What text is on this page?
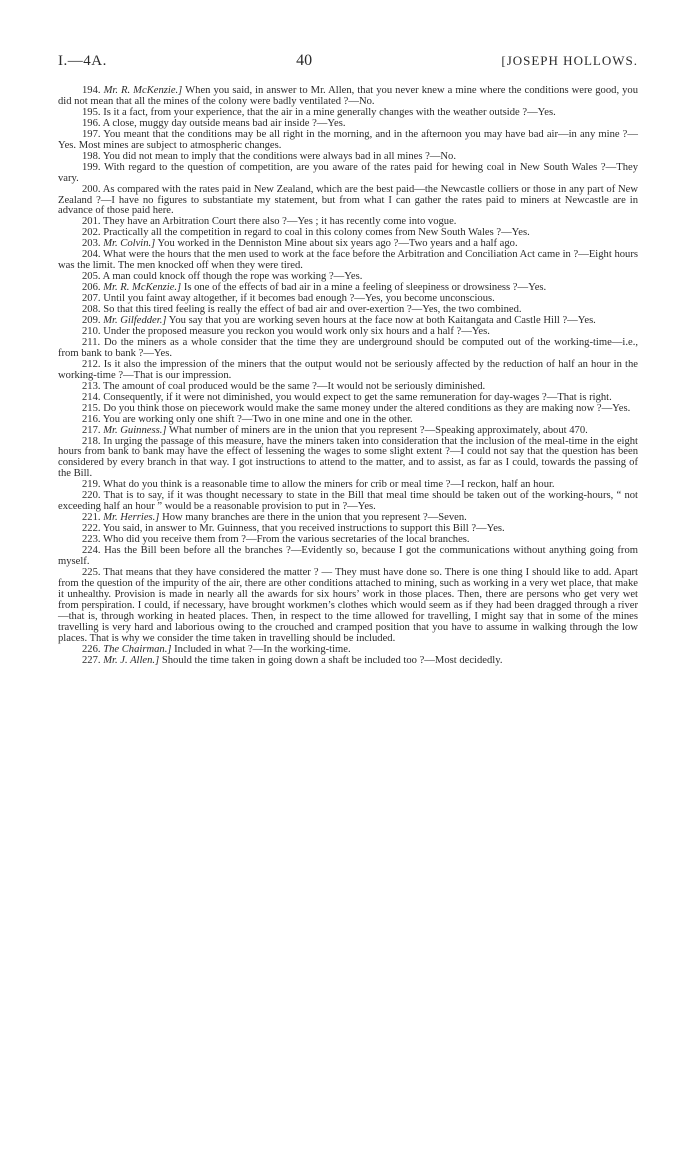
I.—4A.	40	[JOSEPH HOLLOWS.

194. Mr. R. McKenzie.] When you said, in answer to Mr. Allen, that you never knew a mine where the conditions were good, you did not mean that all the mines of the colony were badly ventilated ?—No.

195. Is it a fact, from your experience, that the air in a mine generally changes with the weather outside ?—Yes.

196. A close, muggy day outside means bad air inside ?—Yes.

197. You meant that the conditions may be all right in the morning, and in the afternoon you may have bad air—in any mine ?—Yes. Most mines are subject to atmospheric changes.

198. You did not mean to imply that the conditions were always bad in all mines ?—No.

199. With regard to the question of competition, are you aware of the rates paid for hewing coal in New South Wales ?—They vary.

200. As compared with the rates paid in New Zealand, which are the best paid—the Newcastle colliers or those in any part of New Zealand ?—I have no figures to substantiate my statement, but from what I can gather the rates paid to miners at Newcastle are in advance of those paid here.

201. They have an Arbitration Court there also ?—Yes ; it has recently come into vogue.

202. Practically all the competition in regard to coal in this colony comes from New South Wales ?—Yes.

203. Mr. Colvin.] You worked in the Denniston Mine about six years ago ?—Two years and a half ago.

204. What were the hours that the men used to work at the face before the Arbitration and Conciliation Act came in ?—Eight hours was the limit. The men knocked off when they were tired.

205. A man could knock off though the rope was working ?—Yes.

206. Mr. R. McKenzie.] Is one of the effects of bad air in a mine a feeling of sleepiness or drowsiness ?—Yes.

207. Until you faint away altogether, if it becomes bad enough ?—Yes, you become unconscious.

208. So that this tired feeling is really the effect of bad air and over-exertion ?—Yes, the two combined.

209. Mr. Gilfedder.] You say that you are working seven hours at the face now at both Kaitangata and Castle Hill ?—Yes.

210. Under the proposed measure you reckon you would work only six hours and a half ?—Yes.

211. Do the miners as a whole consider that the time they are underground should be computed out of the working-time—i.e., from bank to bank ?—Yes.

212. Is it also the impression of the miners that the output would not be seriously affected by the reduction of half an hour in the working-time ?—That is our impression.

213. The amount of coal produced would be the same ?—It would not be seriously diminished.

214. Consequently, if it were not diminished, you would expect to get the same remuneration for day-wages ?—That is right.

215. Do you think those on piecework would make the same money under the altered conditions as they are making now ?—Yes.

216. You are working only one shift ?—Two in one mine and one in the other.

217. Mr. Guinness.] What number of miners are in the union that you represent ?—Speaking approximately, about 470.

218. In urging the passage of this measure, have the miners taken into consideration that the inclusion of the meal-time in the eight hours from bank to bank may have the effect of lessening the wages to some slight extent ?—I could not say that the question has been considered by every branch in that way. I got instructions to attend to the matter, and to assist, as far as I could, towards the passing of the Bill.

219. What do you think is a reasonable time to allow the miners for crib or meal time ?—I reckon, half an hour.

220. That is to say, if it was thought necessary to state in the Bill that meal time should be taken out of the working-hours, “ not exceeding half an hour ” would be a reasonable provision to put in ?—Yes.

221. Mr. Herries.] How many branches are there in the union that you represent ?—Seven.

222. You said, in answer to Mr. Guinness, that you received instructions to support this Bill ?—Yes.

223. Who did you receive them from ?—From the various secretaries of the local branches.

224. Has the Bill been before all the branches ?—Evidently so, because I got the communications without anything going from myself.

225. That means that they have considered the matter ? — They must have done so. There is one thing I should like to add. Apart from the question of the impurity of the air, there are other conditions attached to mining, such as working in a very wet place, that make it unhealthy. Provision is made in nearly all the awards for six hours’ work in those places. Then, there are persons who get very wet from perspiration. I could, if necessary, have brought workmen’s clothes which would seem as if they had been dragged through a river—that is, through working in heated places. Then, in respect to the time allowed for travelling, I might say that in some of the mines travelling is very hard and laborious owing to the crouched and cramped position that you have to assume in walking through the low places. That is why we consider the time taken in travelling should be included.

226. The Chairman.] Included in what ?—In the working-time.

227. Mr. J. Allen.] Should the time taken in going down a shaft be included too ?—Most decidedly.
